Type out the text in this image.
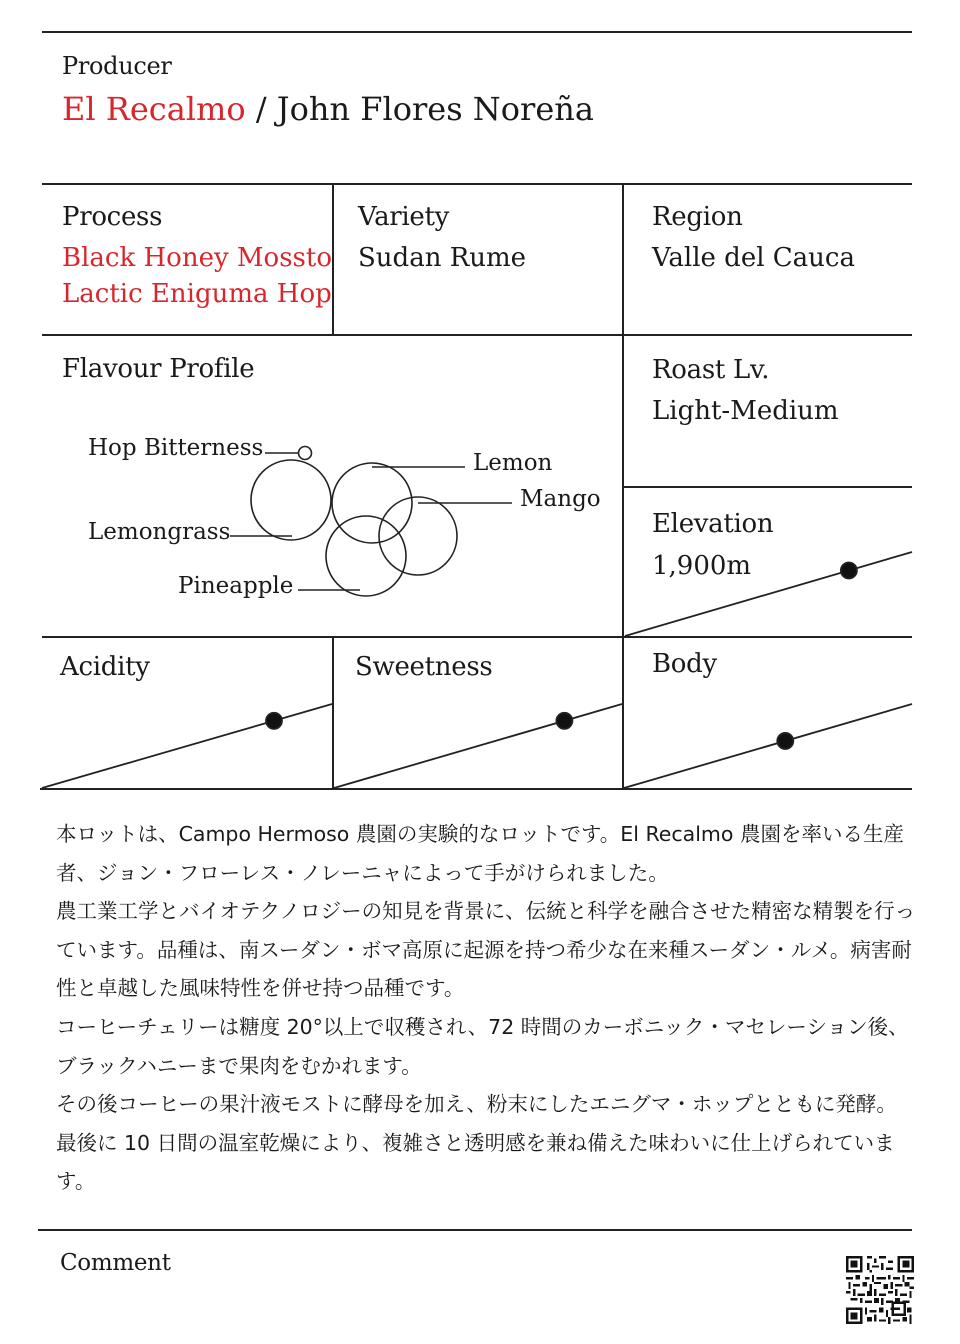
Producer
El Recalmo / John Flores Noreña
Process
Black Honey Mossto
Lactic Eniguma Hop
Variety
Sudan Rume
Region
Valle del Cauca
Flavour Profile
Hop Bitterness
Lemon
Mango
Lemongrass
Pineapple
Roast Lv.
Light-Medium
Elevation
1,900m
Acidity	Sweetness	Body

本ロットは、Campo Hermoso 農園の実験的なロットです。El Recalmo 農園を率いる生産者、ジョン・フローレス・ノレーニャによって手がけられました。

農工業工学とバイオテクノロジーの知見を背景に、伝統と科学を融合させた精密な精製を行っています。品種は、南スーダン・ボマ高原に起源を持つ希少な在来種スーダン・ルメ。病害耐性と卓越した風味特性を併せ持つ品種です。

コーヒーチェリーは糖度 20°以上で収穫され、72 時間のカーボニック・マセレーション後、ブラックハニーまで果肉をむかれます。

その後コーヒーの果汁液モストに酵母を加え、粉末にしたエニグマ・ホップとともに発酵。最後に 10 日間の温室乾燥により、複雑さと透明感を兼ね備えた味わいに仕上げられています。

Comment
